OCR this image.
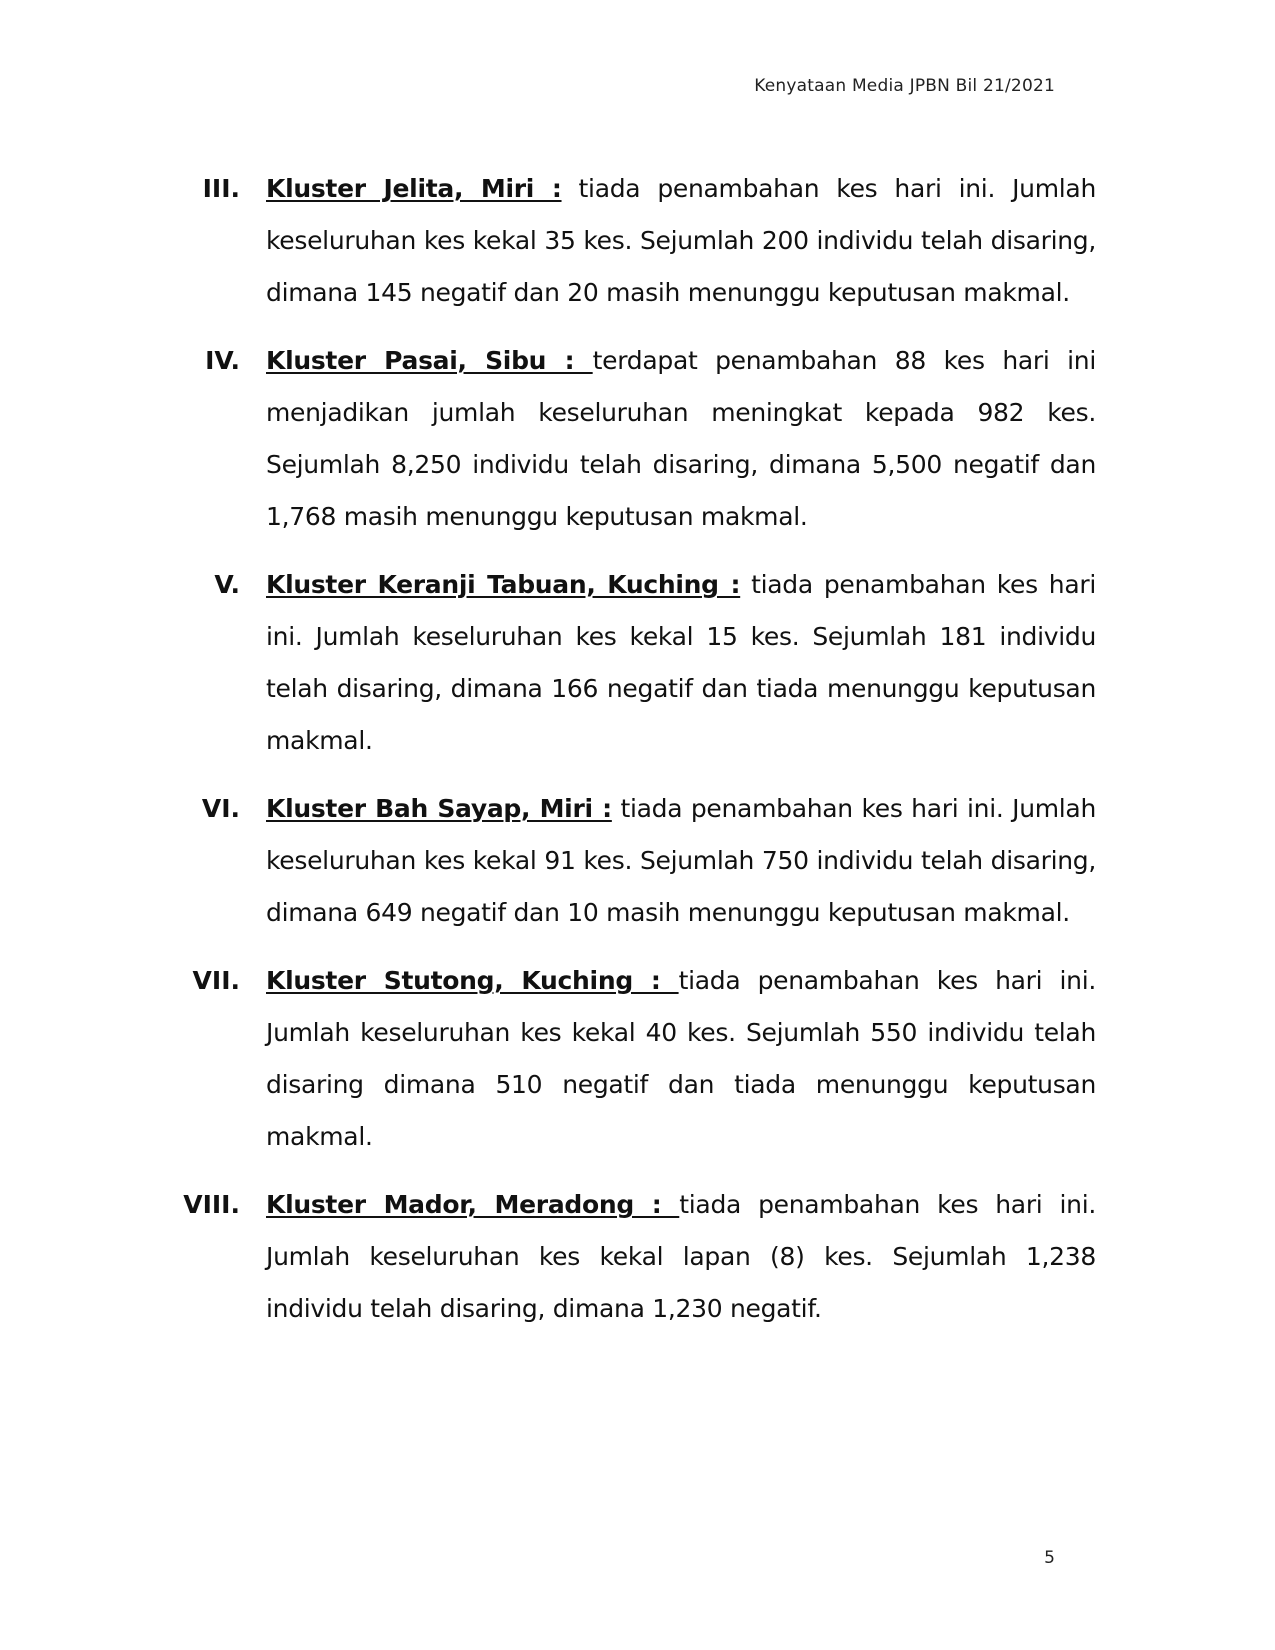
Kenyataan Media JPBN Bil 21/2021
III. Kluster Jelita, Miri : tiada penambahan kes hari ini. Jumlah keseluruhan kes kekal 35 kes. Sejumlah 200 individu telah disaring, dimana 145 negatif dan 20 masih menunggu keputusan makmal.
IV. Kluster Pasai, Sibu : terdapat penambahan 88 kes hari ini menjadikan jumlah keseluruhan meningkat kepada 982 kes. Sejumlah 8,250 individu telah disaring, dimana 5,500 negatif dan 1,768 masih menunggu keputusan makmal.
V. Kluster Keranji Tabuan, Kuching : tiada penambahan kes hari ini. Jumlah keseluruhan kes kekal 15 kes. Sejumlah 181 individu telah disaring, dimana 166 negatif dan tiada menunggu keputusan makmal.
VI. Kluster Bah Sayap, Miri : tiada penambahan kes hari ini. Jumlah keseluruhan kes kekal 91 kes. Sejumlah 750 individu telah disaring, dimana 649 negatif dan 10 masih menunggu keputusan makmal.
VII. Kluster Stutong, Kuching : tiada penambahan kes hari ini. Jumlah keseluruhan kes kekal 40 kes. Sejumlah 550 individu telah disaring dimana 510 negatif dan tiada menunggu keputusan makmal.
VIII. Kluster Mador, Meradong : tiada penambahan kes hari ini. Jumlah keseluruhan kes kekal lapan (8) kes. Sejumlah 1,238 individu telah disaring, dimana 1,230 negatif.
5
